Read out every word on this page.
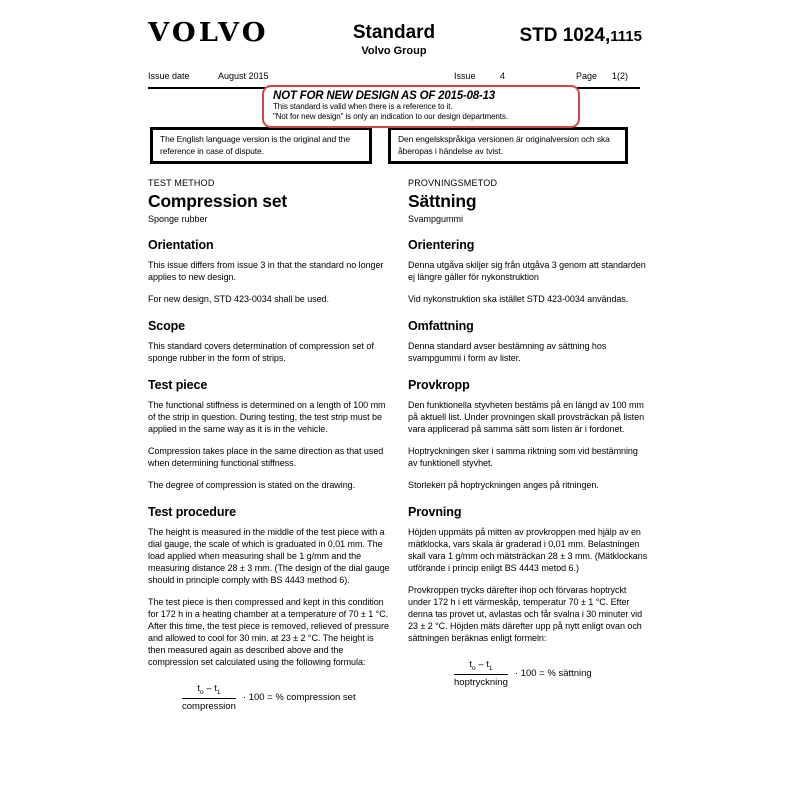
VOLVO	Standard
Volvo Group
STD 1024,1115
Issue date	August 2015	Issue	4	Page 1(2)
NOT FOR NEW DESIGN AS OF 2015-08-13
This standard is valid when there is a reference to it.
"Not for new design" is only an indication to our design departments.
The English language version is the original and the reference in case of dispute.
Den engelskspråkiga versionen är originalversion och ska åberopas i händelse av tvist.
TEST METHOD
Compression set
Sponge rubber
Orientation

This issue differs from issue 3 in that the standard no longer applies to new design.

For new design, STD 423-0034 shall be used.

Scope

This standard covers determination of compression set of sponge rubber in the form of strips.

Test piece

The functional stiffness is determined on a length of 100 mm of the strip in question. During testing, the test strip must be applied in the same way as it is in the vehicle.

Compression takes place in the same direction as that used when determining functional stiffness.

The degree of compression is stated on the drawing.

Test procedure

The height is measured in the middle of the test piece with a dial gauge, the scale of which is graduated in 0,01 mm. The load applied when measuring shall be 1 g/mm and the measuring distance 28 ± 3 mm. (The design of the dial gauge should in principle comply with BS 4443 method 6).

The test piece is then compressed and kept in this condition for 172 h in a heating chamber at a temperature of 70 ± 1 °C. After this time, the test piece is removed, relieved of pressure and allowed to cool for 30 min. at 23 ± 2 °C. The height is then measured again as described above and the compression set calculated using the following formula:

$\frac{t_o - t_1}{\text{compression}} \cdot 100$ = % compression set
PROVNINGSMETOD
Sättning
Svampgummi
Orientering

Denna utgåva skiljer sig från utgåva 3 genom att standarden ej längre gäller för nykonstruktion

Vid nykonstruktion ska istället STD 423-0034 användas.

Omfattning

Denna standard avser bestämning av sättning hos svampgummi i form av lister.

Provkropp

Den funktionella styvheten bestäms på en längd av 100 mm på aktuell list. Under provningen skall provsträckan på listen vara applicerad på samma sätt som listen är i fordonet.

Hoptryckningen sker i samma riktning som vid bestämning av funktionell styvhet.

Storleken på hoptryckningen anges på ritningen.

Provning

Höjden uppmäts på mitten av provkroppen med hjälp av en mätklocka, vars skala är graderad i 0,01 mm. Belastningen skall vara 1 g/mm och mätsträckan 28 ± 3 mm. (Mätklockans utförande i princip enligt BS 4443 metod 6.)

Provkroppen trycks därefter ihop och förvaras hoptryckt under 172 h i ett värmeskåp, temperatur 70 ± 1 °C. Efter denna tas provet ut, avlastas och får svalna i 30 minuter vid 23 ± 2 °C. Höjden mäts därefter upp på nytt enligt ovan och sättningen beräknas enligt formeln:

$\frac{t_o - t_1}{\text{hoptryckning}} \cdot 100$ = % sättning
